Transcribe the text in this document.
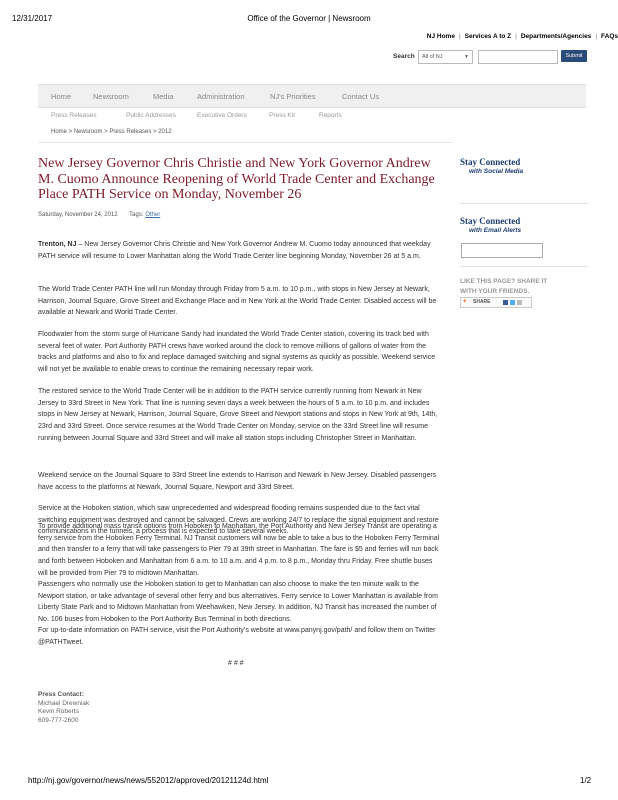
12/31/2017	Office of the Governor | Newsroom
http://nj.gov/governor/news/news/552012/approved/20121124d.html	1/2
NJ Home | Services A to Z | Departments/Agencies | FAQs
Search	All of NJ	▼	Submit
Home	Newsroom	Media	Administration	NJ's Priorities	Contact Us
Press Releases	Public Addresses	Executive Orders	Press Kit	Reports
Home > Newsroom > Press Releases > 2012
New Jersey Governor Chris Christie and New York Governor Andrew M. Cuomo Announce Reopening of World Trade Center and Exchange Place PATH Service on Monday, November 26
Saturday, November 24, 2012 Tags: Other

Trenton, NJ – New Jersey Governor Chris Christie and New York Governor Andrew M. Cuomo today announced that weekday PATH service will resume to Lower Manhattan along the World Trade Center line beginning Monday, November 26 at 5 a.m.

The World Trade Center PATH line will run Monday through Friday from 5 a.m. to 10 p.m., with stops in New Jersey at Newark, Harrison, Journal Square, Grove Street and Exchange Place and in New York at the World Trade Center. Disabled access will be available at Newark and World Trade Center.

Floodwater from the storm surge of Hurricane Sandy had inundated the World Trade Center station, covering its track bed with several feet of water. Port Authority PATH crews have worked around the clock to remove millions of gallons of water from the tracks and platforms and also to fix and replace damaged switching and signal systems as quickly as possible. Weekend service will not yet be available to enable crews to continue the remaining necessary repair work.

The restored service to the World Trade Center will be in addition to the PATH service currently running from Newark in New Jersey to 33rd Street in New York. That line is running seven days a week between the hours of 5 a.m. to 10 p.m. and includes stops in New Jersey at Newark, Harrison, Journal Square, Grove Street and Newport stations and stops in New York at 9th, 14th, 23rd and 33rd Street. Once service resumes at the World Trade Center on Monday, service on the 33rd Street line will resume running between Journal Square and 33rd Street and will make all station stops including Christopher Street in Manhattan.

Weekend service on the Journal Square to 33rd Street line extends to Harrison and Newark in New Jersey. Disabled passengers have access to the platforms at Newark, Journal Square, Newport and 33rd Street.

Service at the Hoboken station, which saw unprecedented and widespread flooding remains suspended due to the fact vital switching equipment was destroyed and cannot be salvaged. Crews are working 24/7 to replace the signal equipment and restore communications in the tunnels, a process that is expected to take several weeks.

To provide additional mass transit options from Hoboken to Manhattan, the Port Authority and New Jersey Transit are operating a ferry service from the Hoboken Ferry Terminal. NJ Transit customers will now be able to take a bus to the Hoboken Ferry Terminal and then transfer to a ferry that will take passengers to Pier 79 at 39th street in Manhattan. The fare is $5 and ferries will run back and forth between Hoboken and Manhattan from 6 a.m. to 10 a.m. and 4 p.m. to 8 p.m., Monday thru Friday. Free shuttle buses will be provided from Pier 79 to midtown Manhattan.

Passengers who normally use the Hoboken station to get to Manhattan can also choose to make the ten minute walk to the Newport station, or take advantage of several other ferry and bus alternatives. Ferry service to Lower Manhattan is available from Liberty State Park and to Midtown Manhattan from Weehawken, New Jersey. In addition, NJ Transit has increased the number of No. 106 buses from Hoboken to the Port Authority Bus Terminal in both directions.

For up-to-date information on PATH service, visit the Port Authority’s website at www.panynj.gov/path/ and follow them on Twitter @PATHTweet.

# # #
Press Contact:
Michael Drewniak
Kevin Roberts
609-777-2600
Stay Connected
with Social Media
Stay Connected
with Email Alerts
LIKE THIS PAGE? SHARE IT
WITH YOUR FRIENDS.
+ SHARE
